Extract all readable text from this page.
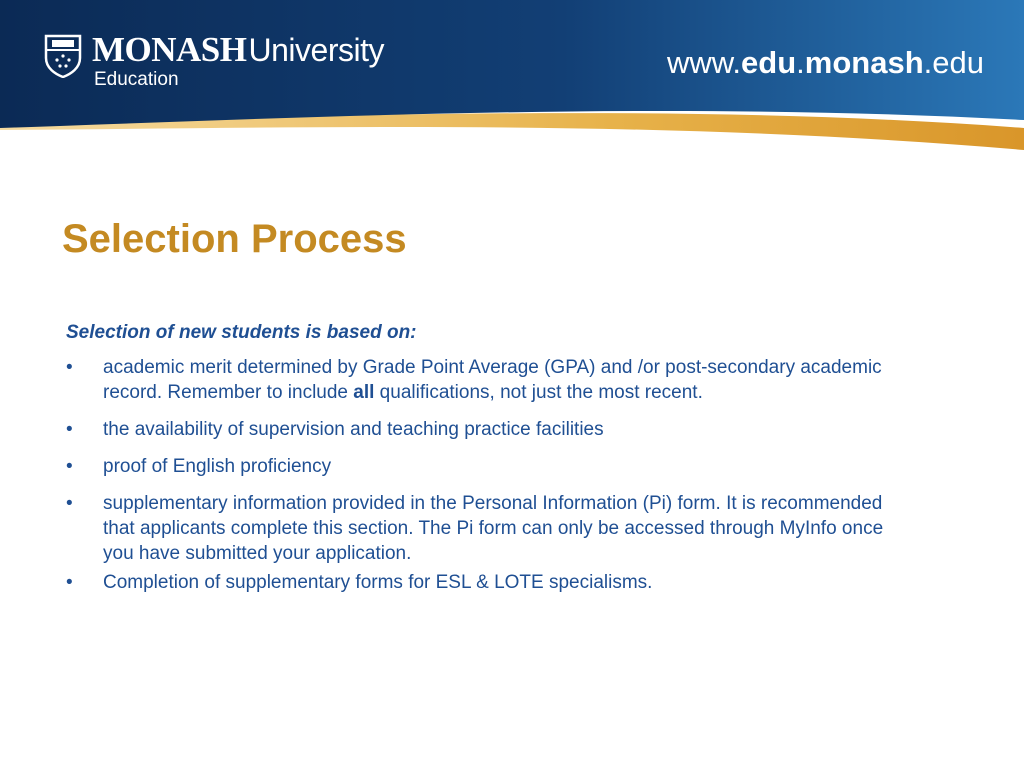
MONASHUniversity
Education	www.edu.monash.edu
Selection Process

Selection of new students is based on:

• academic merit determined by Grade Point Average (GPA) and /or post-secondary academic record. Remember to include all qualifications, not just the most recent.
• the availability of supervision and teaching practice facilities
• proof of English proficiency
• supplementary information provided in the Personal Information (Pi) form. It is recommended that applicants complete this section. The Pi form can only be accessed through MyInfo once you have submitted your application.
• Completion of supplementary forms for ESL & LOTE specialisms.
